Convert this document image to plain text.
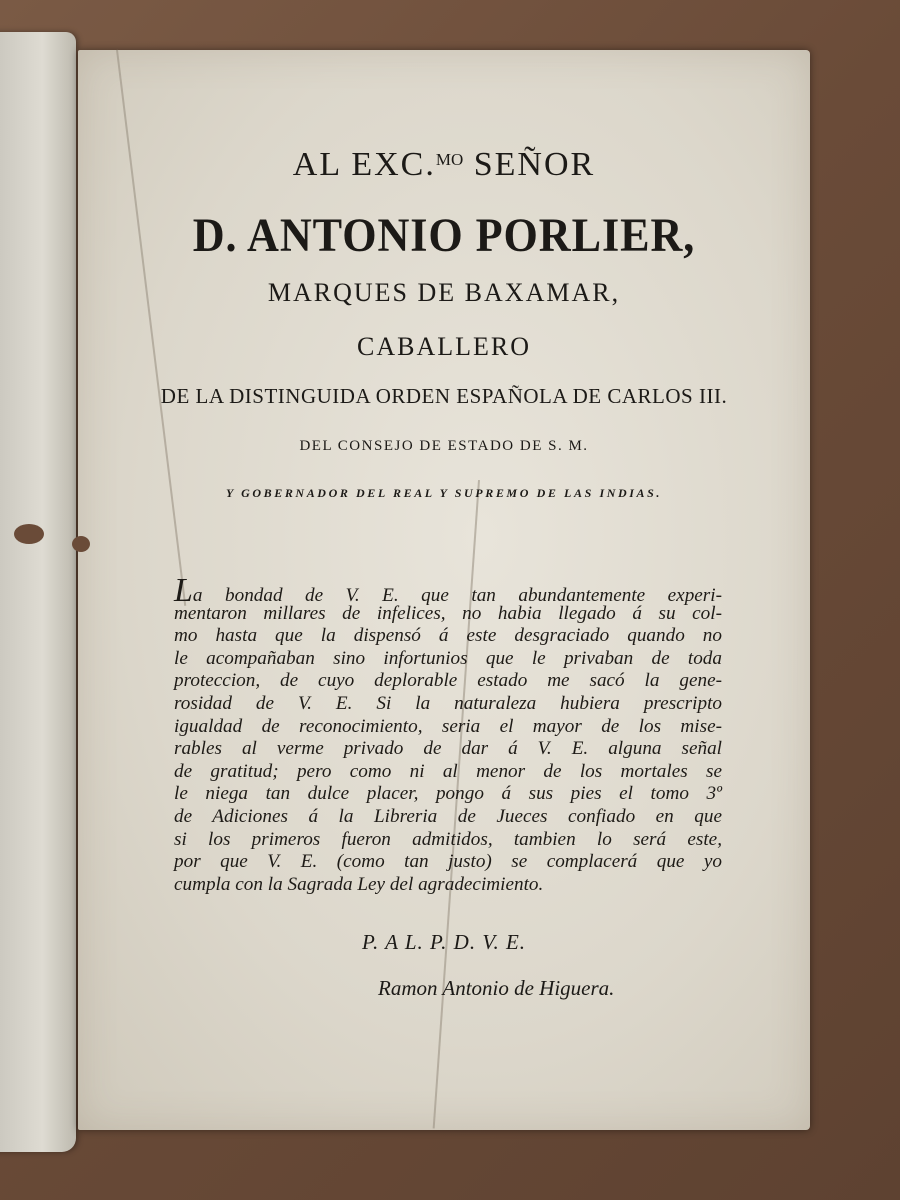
AL EXC.$^{MO}$ SEÑOR
D. ANTONIO PORLIER,
MARQUES DE BAXAMAR,
CABALLERO
DE LA DISTINGUIDA ORDEN ESPAÑOLA DE CARLOS III.
DEL CONSEJO DE ESTADO DE S. M.
Y GOBERNADOR DEL REAL Y SUPREMO DE LAS INDIAS.
La bondad de V. E. que tan abundantemente experi-
mentaron millares de infelices, no habia llegado á su col-
mo hasta que la dispensó á este desgraciado quando no
le acompañaban sino infortunios que le privaban de toda
proteccion, de cuyo deplorable estado me sacó la gene-
rosidad de V. E. Si la naturaleza hubiera prescripto
igualdad de reconocimiento, seria el mayor de los mise-
rables al verme privado de dar á V. E. alguna señal
de gratitud; pero como ni al menor de los mortales se
le niega tan dulce placer, pongo á sus pies el tomo 3º
de Adiciones á la Libreria de Jueces confiado en que
si los primeros fueron admitidos, tambien lo será este,
por que V. E. (como tan justo) se complacerá que yo
cumpla con la Sagrada Ley del agradecimiento.
P. A L. P. D. V. E.
Ramon Antonio de Higuera.
